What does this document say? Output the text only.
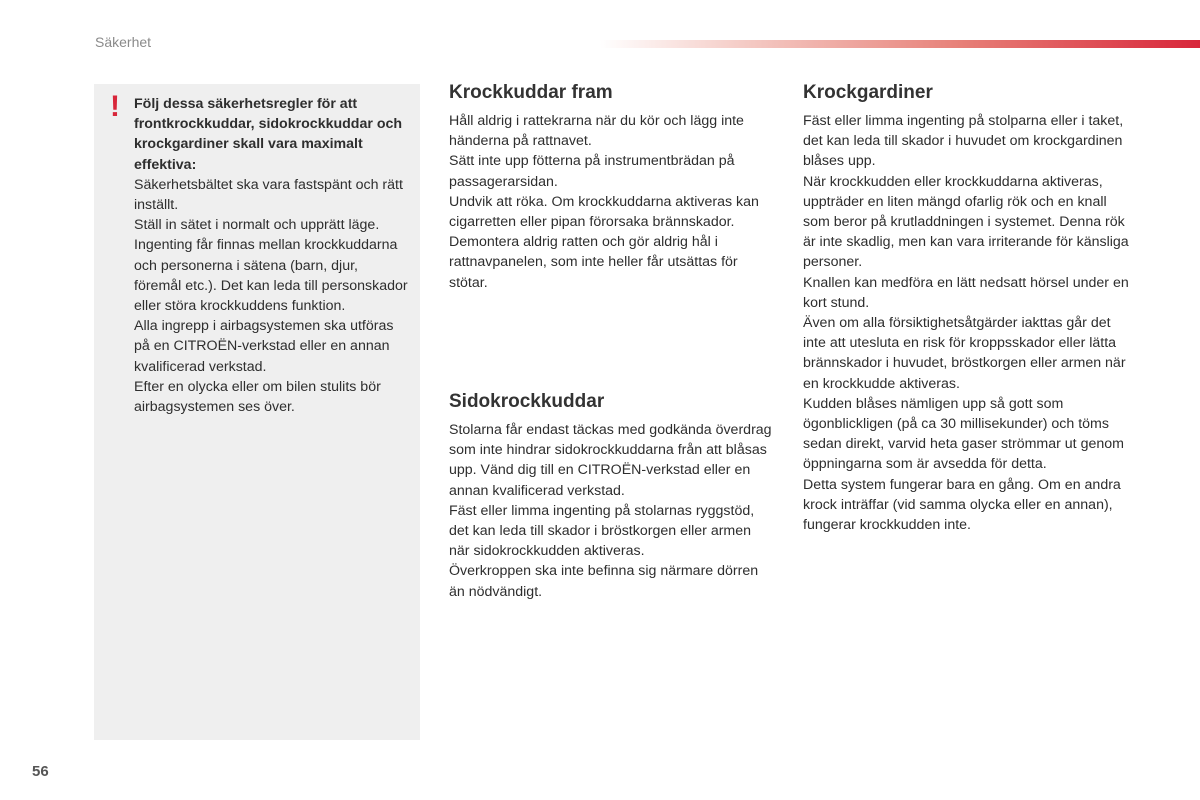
Säkerhet
! Följ dessa säkerhetsregler för att frontkrockkuddar, sidokrockkuddar och krockgardiner skall vara maximalt effektiva:

Säkerhetsbältet ska vara fastspänt och rätt inställt.

Ställ in sätet i normalt och upprätt läge.

Ingenting får finnas mellan krockkuddarna och personerna i sätena (barn, djur, föremål etc.). Det kan leda till personskador eller störa krockkuddens funktion.

Alla ingrepp i airbagsystemen ska utföras på en CITROËN-verkstad eller en annan kvalificerad verkstad.

Efter en olycka eller om bilen stulits bör airbagsystemen ses över.

Krockkuddar fram

Håll aldrig i rattekrarna när du kör och lägg inte händerna på rattnavet.

Sätt inte upp fötterna på instrumentbrädan på passagerarsidan.

Undvik att röka. Om krockkuddarna aktiveras kan cigarretten eller pipan förorsaka brännskador.

Demontera aldrig ratten och gör aldrig hål i rattnavpanelen, som inte heller får utsättas för stötar.

Sidokrockkuddar

Stolarna får endast täckas med godkända överdrag som inte hindrar sidokrockkuddarna från att blåsas upp. Vänd dig till en CITROËN-verkstad eller en annan kvalificerad verkstad.

Fäst eller limma ingenting på stolarnas ryggstöd, det kan leda till skador i bröstkorgen eller armen när sidokrockkudden aktiveras.

Överkroppen ska inte befinna sig närmare dörren än nödvändigt.

Krockgardiner

Fäst eller limma ingenting på stolparna eller i taket, det kan leda till skador i huvudet om krockgardinen blåses upp.

När krockkudden eller krockkuddarna aktiveras, uppträder en liten mängd ofarlig rök och en knall som beror på krutladdningen i systemet. Denna rök är inte skadlig, men kan vara irriterande för känsliga personer.

Knallen kan medföra en lätt nedsatt hörsel under en kort stund.

Även om alla försiktighetsåtgärder iakttas går det inte att utesluta en risk för kroppsskador eller lätta brännskador i huvudet, bröstkorgen eller armen när en krockkudde aktiveras.

Kudden blåses nämligen upp så gott som ögonblickligen (på ca 30 millisekunder) och töms sedan direkt, varvid heta gaser strömmar ut genom öppningarna som är avsedda för detta.

Detta system fungerar bara en gång. Om en andra krock inträffar (vid samma olycka eller en annan), fungerar krockkudden inte.

56
